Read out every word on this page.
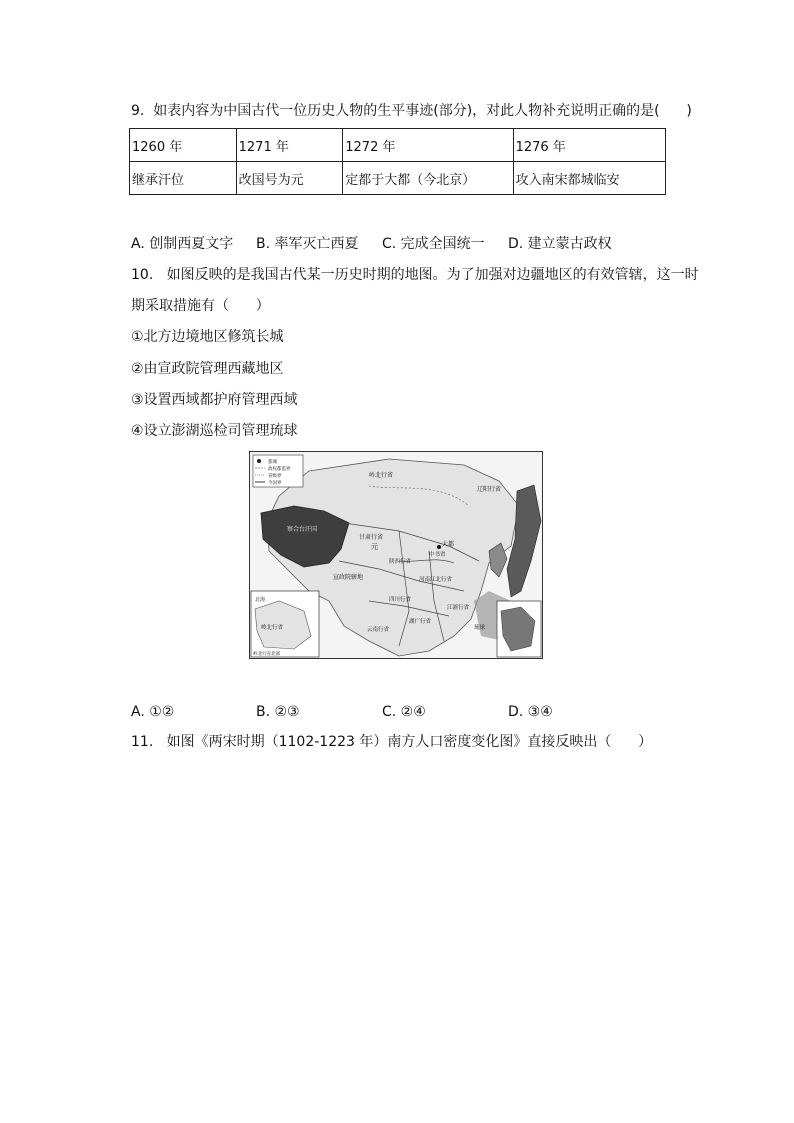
9.  如表内容为中国古代一位历史人物的生平事迹(部分)，对此人物补充说明正确的是(      )
1260 年	1271 年	1272 年	1276 年
继承汗位	改国号为元	定都于大都（今北京）	攻入南宋都城临安
A. 创制西夏文字 B. 率军灭亡西夏 C. 完成全国统一 D. 建立蒙古政权
10.   如图反映的是我国古代某一历史时期的地图。为了加强对边疆地区的有效管辖，这一时
期采取措施有（      ）
①北方边境地区修筑长城
②由宣政院管理西藏地区
③设置西域都护府管理西域
④设立澎湖巡检司管理琉球
都城
政权都监界
省级界
今国界
北海
岭北行省
岭北行省北部
岭北行省
辽阳行省
察合台汗国
甘肃行省
大都
中书省
元
宣政院辖地
陕西行省
河南江北行省
四川行省
湖广行省
江浙行省
云南行省	琉球
A. ①②	B. ②③	C. ②④	D. ③④
11.   如图《两宋时期（1102-1223 年）南方人口密度变化图》直接反映出（      ）
